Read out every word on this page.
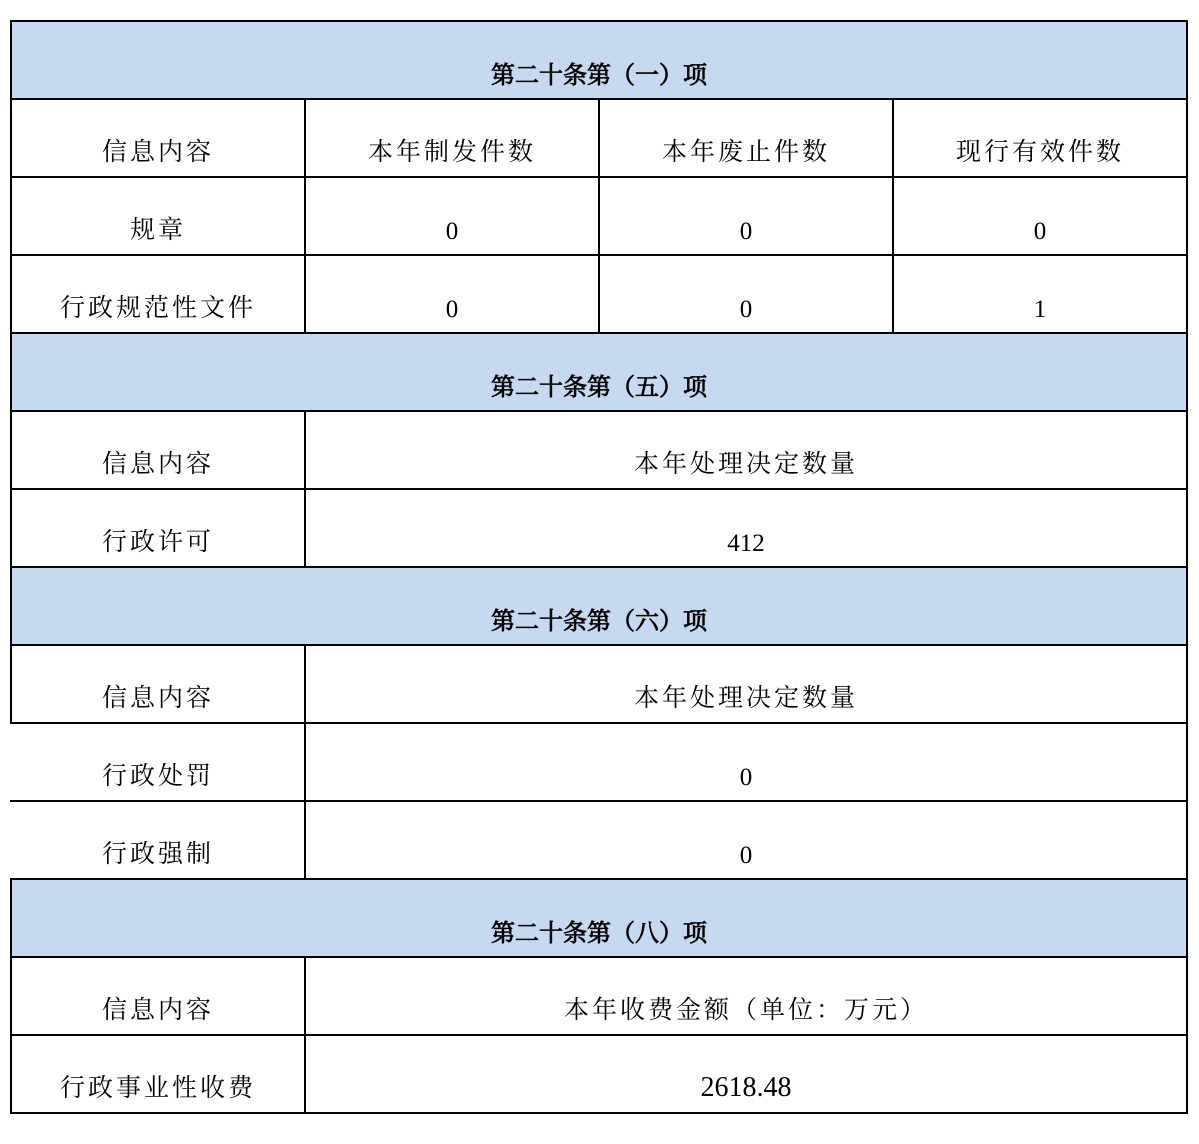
第二十条第（一）项			
信息内容	本年制发件数	本年废止件数	现行有效件数
规章	0	0	0
行政规范性文件	0	0	1
第二十条第（五）项			
信息内容	本年处理决定数量		
行政许可	412		
第二十条第（六）项			
信息内容	本年处理决定数量		
行政处罚	0		
行政强制	0		
第二十条第（八）项			
信息内容	本年收费金额（单位：万元）		
行政事业性收费	2618.48		
